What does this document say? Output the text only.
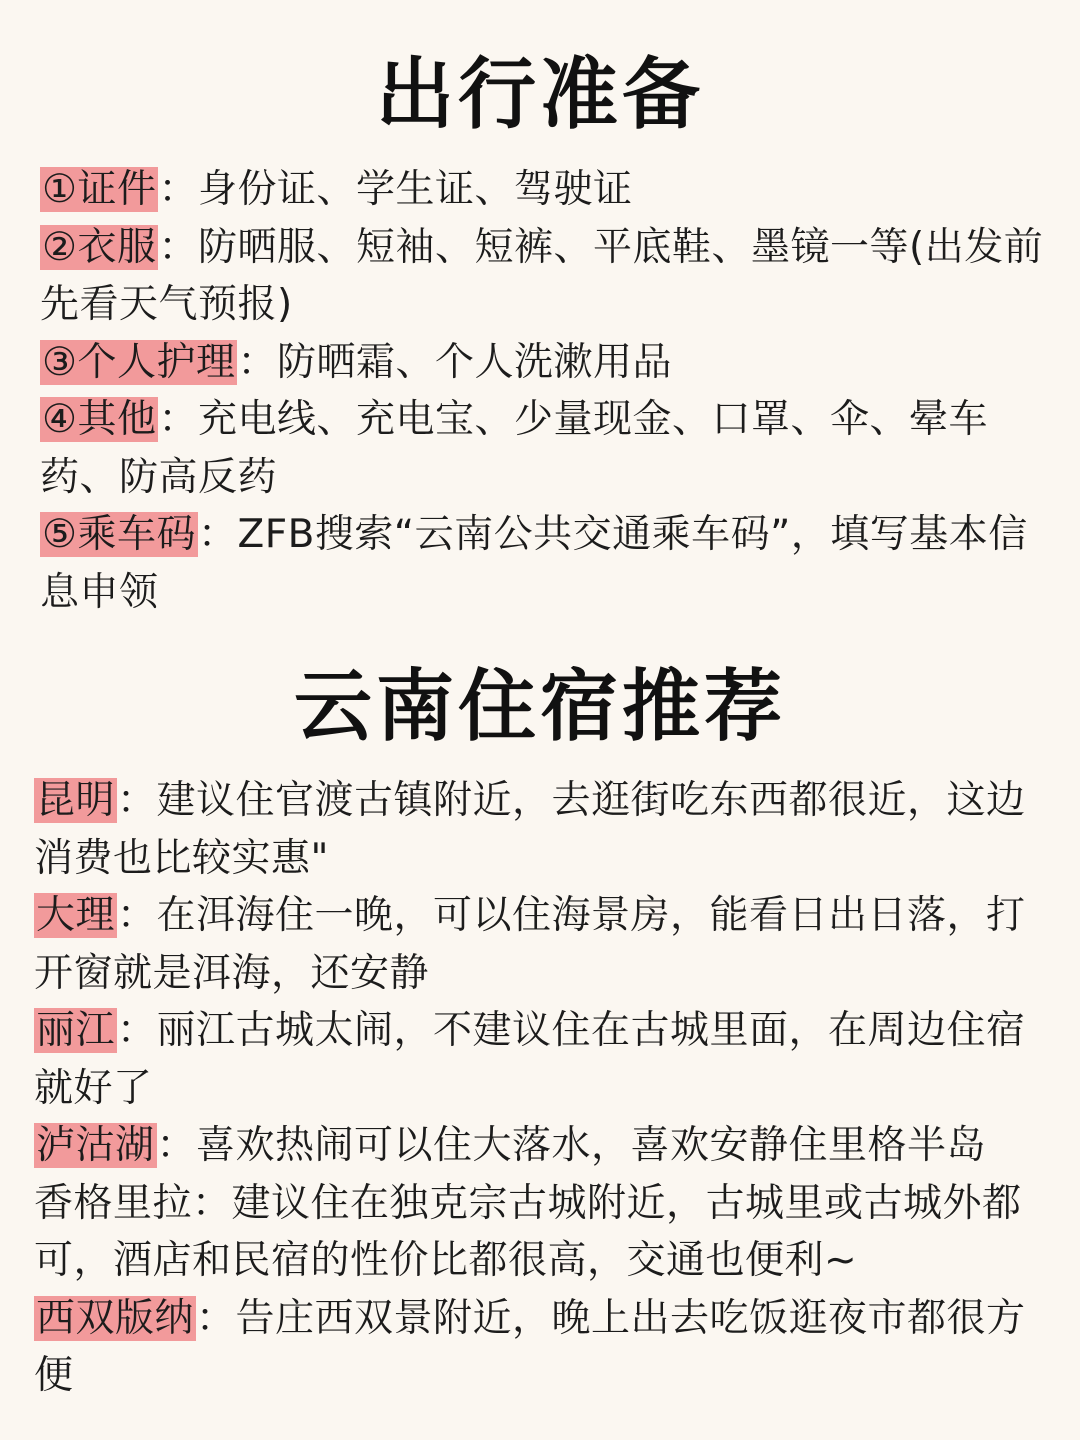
出行准备

①证件：身份证、学生证、驾驶证

②衣服：防晒服、短袖、短裤、平底鞋、墨镜一等(出发前先看天气预报)

③个人护理：防晒霜、个人洗漱用品

④其他：充电线、充电宝、少量现金、口罩、伞、晕车药、防高反药

⑤乘车码：ZFB搜索“云南公共交通乘车码”，填写基本信息申领

云南住宿推荐

昆明：建议住官渡古镇附近，去逛街吃东西都很近，这边消费也比较实惠"

大理：在洱海住一晚，可以住海景房，能看日出日落，打开窗就是洱海，还安静

丽江：丽江古城太闹，不建议住在古城里面，在周边住宿就好了

泸沽湖：喜欢热闹可以住大落水，喜欢安静住里格半岛

香格里拉：建议住在独克宗古城附近，古城里或古城外都可，酒店和民宿的性价比都很高，交通也便利~

西双版纳：告庄西双景附近，晚上出去吃饭逛夜市都很方便
